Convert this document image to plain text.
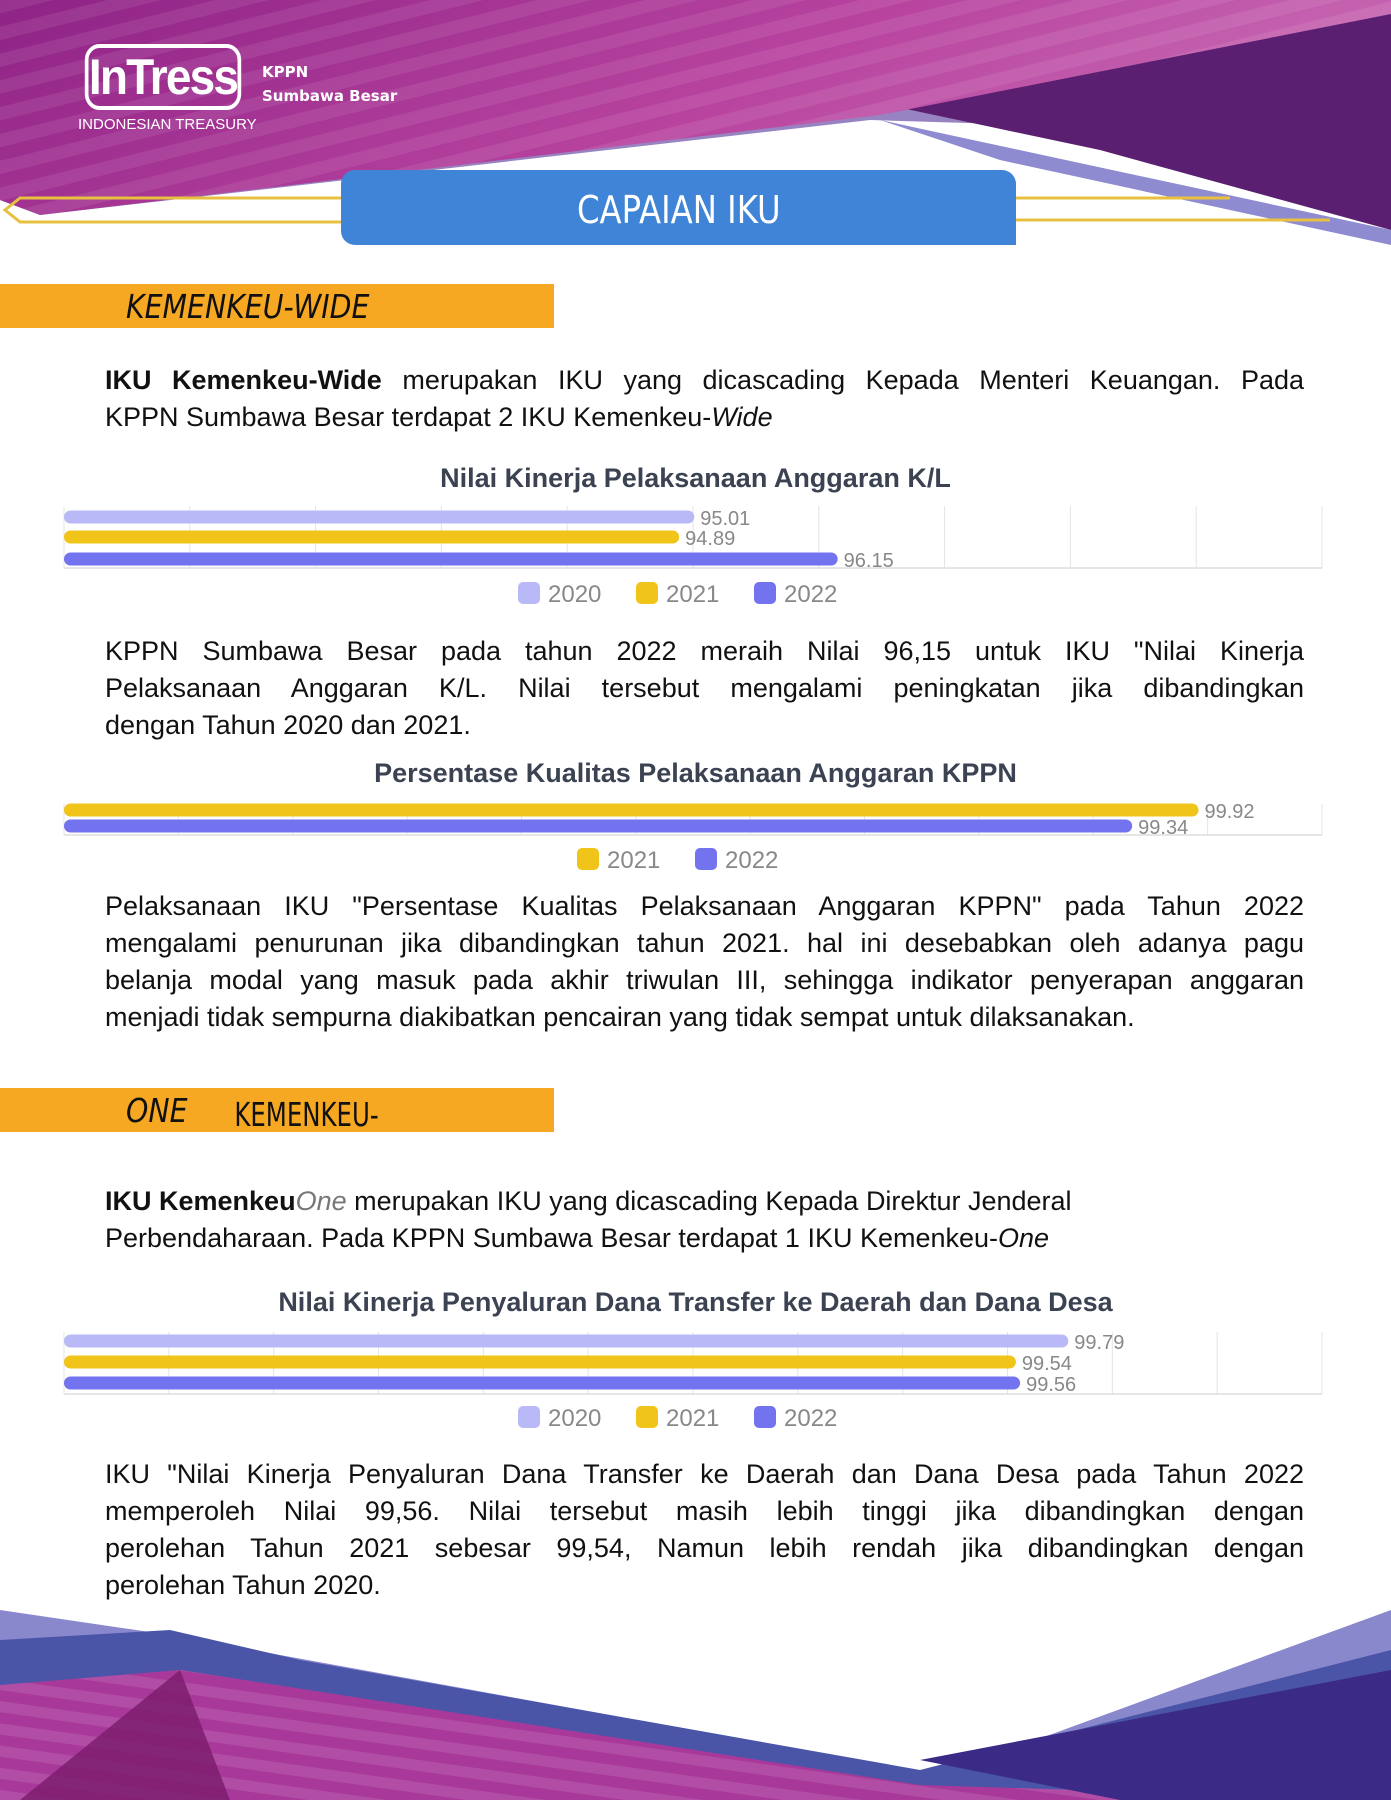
InTress
INDONESIAN TREASURY
KPPN
Sumbawa Besar
CAPAIAN IKU
KEMENKEU-WIDE
IKU Kemenkeu-Wide merupakan IKU yang dicascading Kepada Menteri Keuangan. Pada
KPPN Sumbawa Besar terdapat 2 IKU Kemenkeu-Wide
Nilai Kinerja Pelaksanaan Anggaran K/L
95.01
94.89
96.15
2020	2021	2022
KPPN Sumbawa Besar pada tahun 2022 meraih Nilai 96,15 untuk IKU "Nilai Kinerja
Pelaksanaan Anggaran K/L. Nilai tersebut mengalami peningkatan jika dibandingkan
dengan Tahun 2020 dan 2021.
Persentase Kualitas Pelaksanaan Anggaran KPPN
99.92
99.34
2021	2022
Pelaksanaan IKU "Persentase Kualitas Pelaksanaan Anggaran KPPN" pada Tahun 2022
mengalami penurunan jika dibandingkan tahun 2021. hal ini desebabkan oleh adanya pagu
belanja modal yang masuk pada akhir triwulan III, sehingga indikator penyerapan anggaran
menjadi tidak sempurna diakibatkan pencairan yang tidak sempat untuk dilaksanakan.
KEMENKEU-
ONE
IKU KemenkeuOne merupakan IKU yang dicascading Kepada Direktur Jenderal
Perbendaharaan. Pada KPPN Sumbawa Besar terdapat 1 IKU Kemenkeu-One
Nilai Kinerja Penyaluran Dana Transfer ke Daerah dan Dana Desa
99.79
99.54
99.56
2020	2021	2022
IKU "Nilai Kinerja Penyaluran Dana Transfer ke Daerah dan Dana Desa pada Tahun 2022
memperoleh Nilai 99,56. Nilai tersebut masih lebih tinggi jika dibandingkan dengan
perolehan Tahun 2021 sebesar 99,54, Namun lebih rendah jika dibandingkan dengan
perolehan Tahun 2020.
